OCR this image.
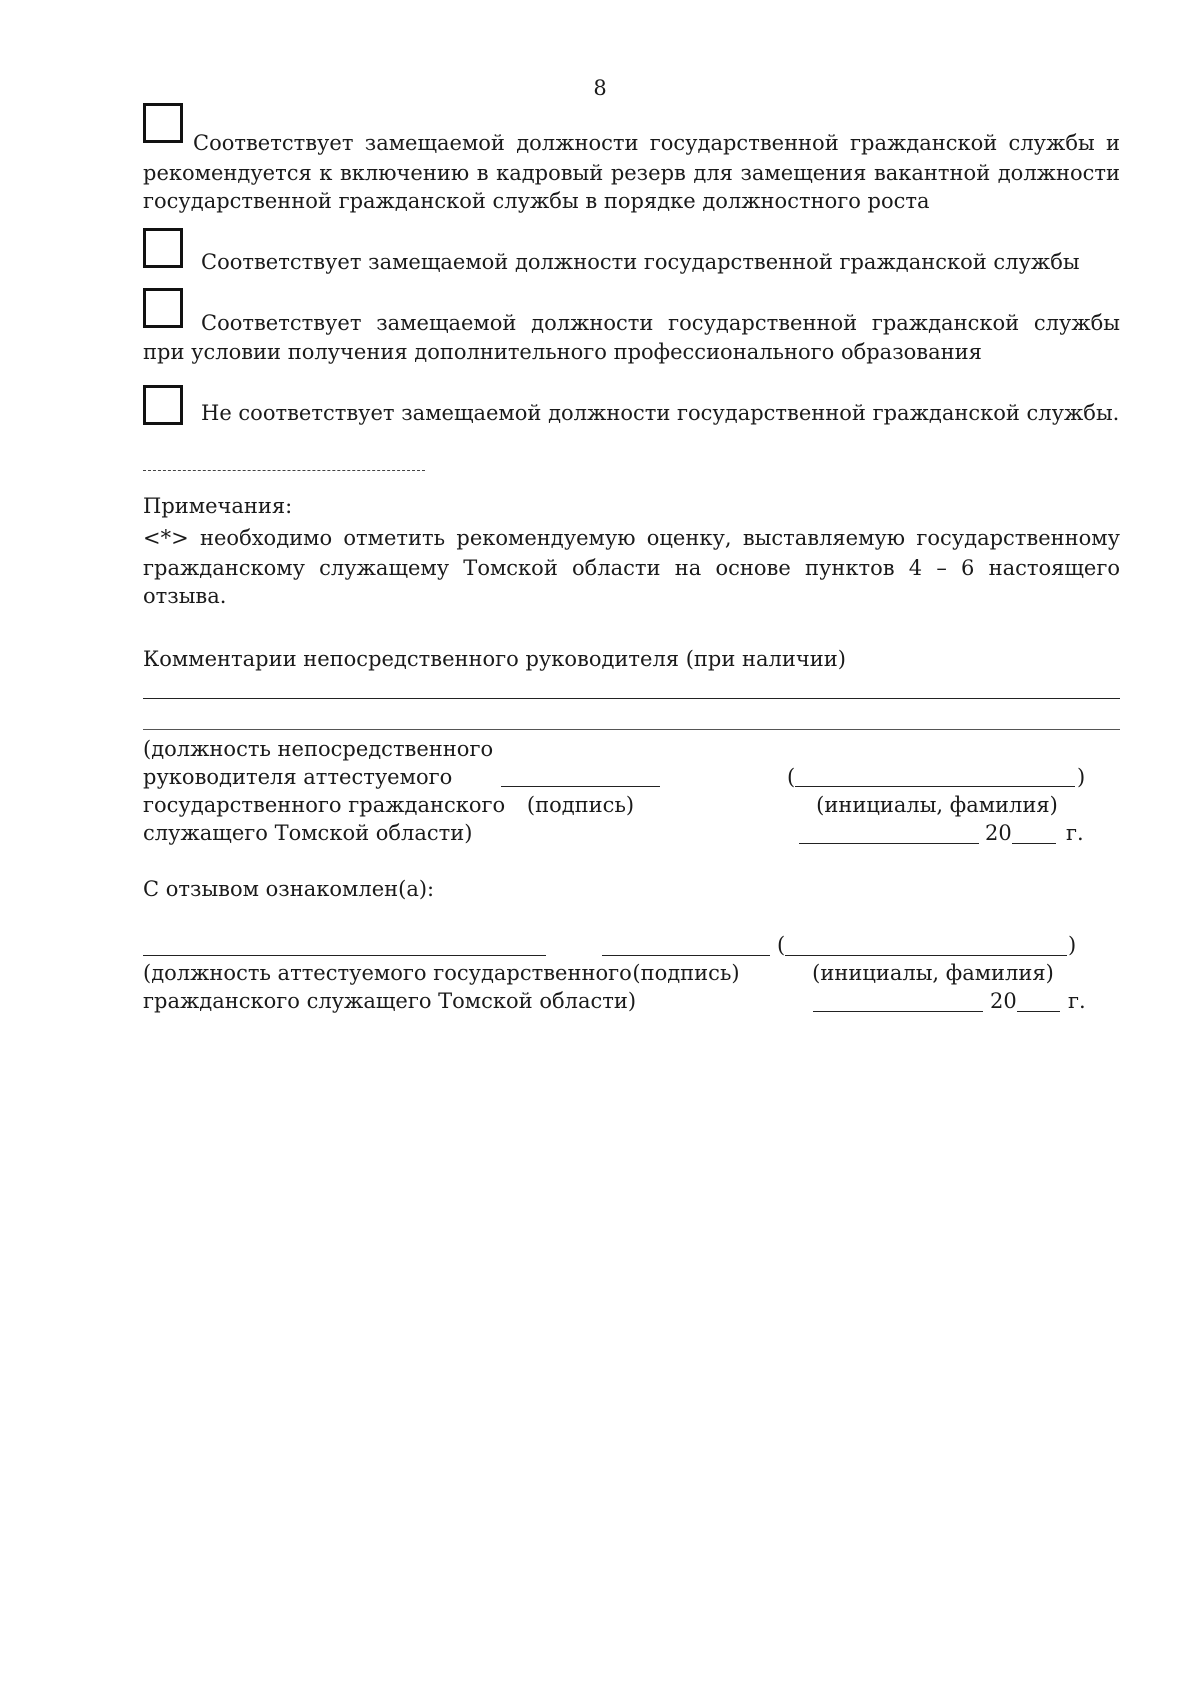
8
Соответствует замещаемой должности государственной гражданской службы и
рекомендуется к включению в кадровый резерв для замещения вакантной должности
государственной гражданской службы в порядке должностного роста
Соответствует замещаемой должности государственной гражданской службы
Соответствует замещаемой должности государственной гражданской службы
при условии получения дополнительного профессионального образования
Не соответствует замещаемой должности государственной гражданской службы.
Примечания:
<*> необходимо отметить рекомендуемую оценку, выставляемую государственному
гражданскому служащему Томской области на основе пунктов 4 – 6 настоящего
отзыва.
Комментарии непосредственного руководителя (при наличии)
(должность непосредственного
руководителя аттестуемого
государственного гражданского
служащего Томской области)
(подпись)
(	)
(инициалы, фамилия)
20	г.
С отзывом ознакомлен(а):
(должность аттестуемого государственного
гражданского служащего Томской области)
(подпись)
(	)
(инициалы, фамилия)
20 г.
